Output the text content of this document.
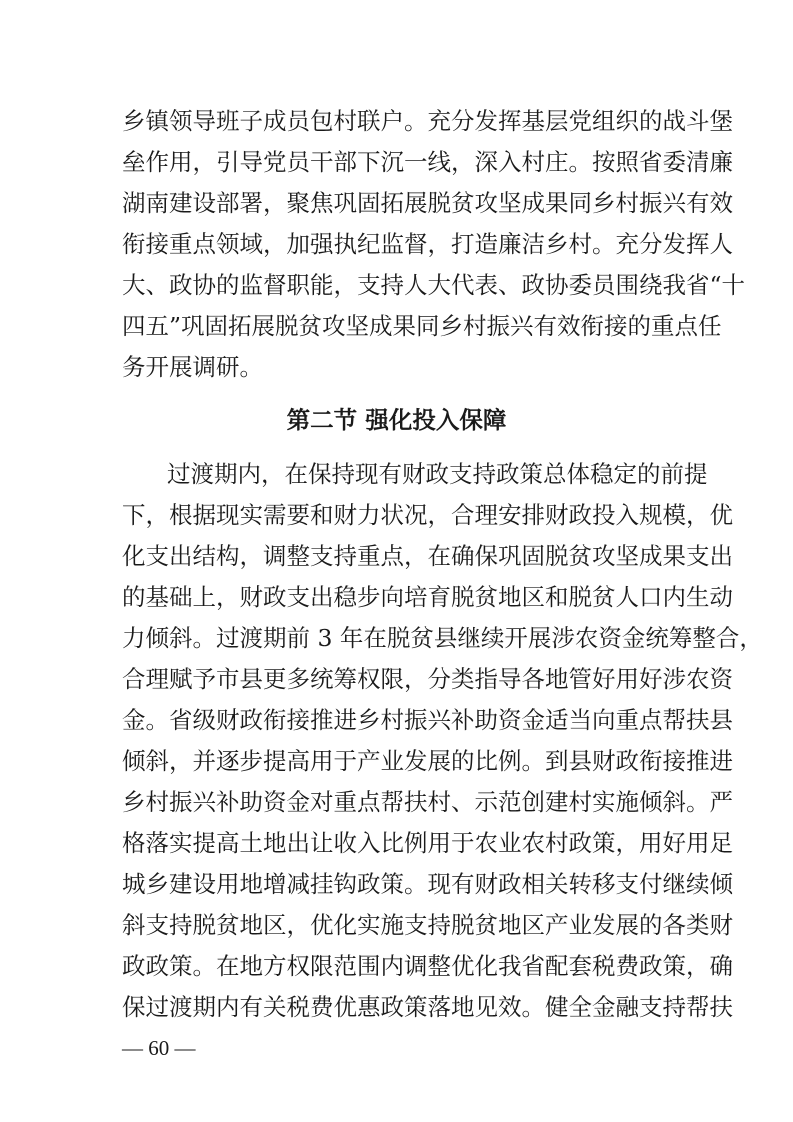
乡镇领导班子成员包村联户。充分发挥基层党组织的战斗堡
垒作用，引导党员干部下沉一线，深入村庄。按照省委清廉
湖南建设部署，聚焦巩固拓展脱贫攻坚成果同乡村振兴有效
衔接重点领域，加强执纪监督，打造廉洁乡村。充分发挥人
大、政协的监督职能，支持人大代表、政协委员围绕我省“十
四五”巩固拓展脱贫攻坚成果同乡村振兴有效衔接的重点任
务开展调研。
第二节 强化投入保障
过渡期内，在保持现有财政支持政策总体稳定的前提
下，根据现实需要和财力状况，合理安排财政投入规模，优
化支出结构，调整支持重点，在确保巩固脱贫攻坚成果支出
的基础上，财政支出稳步向培育脱贫地区和脱贫人口内生动
力倾斜。过渡期前 3 年在脱贫县继续开展涉农资金统筹整合，
合理赋予市县更多统筹权限，分类指导各地管好用好涉农资
金。省级财政衔接推进乡村振兴补助资金适当向重点帮扶县
倾斜，并逐步提高用于产业发展的比例。到县财政衔接推进
乡村振兴补助资金对重点帮扶村、示范创建村实施倾斜。严
格落实提高土地出让收入比例用于农业农村政策，用好用足
城乡建设用地增减挂钩政策。现有财政相关转移支付继续倾
斜支持脱贫地区，优化实施支持脱贫地区产业发展的各类财
政政策。在地方权限范围内调整优化我省配套税费政策，确
保过渡期内有关税费优惠政策落地见效。健全金融支持帮扶
— 60 —
